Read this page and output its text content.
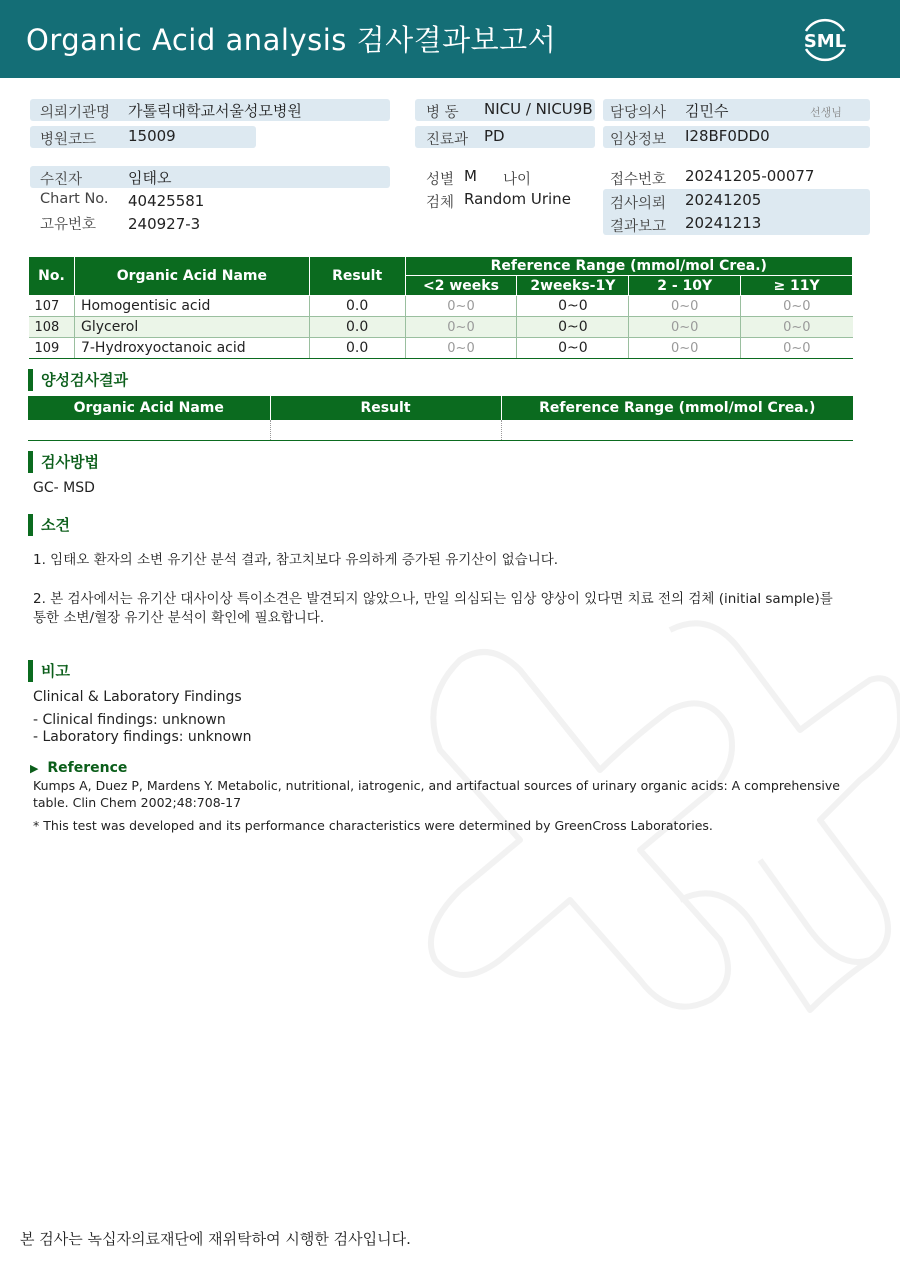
Organic Acid analysis 검사결과보고서	SML
의뢰기관명 가톨릭대학교서울성모병원
병원코드 15009
병 동 NICU / NICU9B
진료과 PD
담당의사 김민수	선생님
임상정보 I28BF0DD0
수진자	임태오
Chart No. 40425581
고유번호 240927-3
성별 M 나이
검체 Random Urine
접수번호 20241205-00077
검사의뢰 20241205
결과보고 20241213
No.	Organic Acid Name	Result	Reference Range (mmol/mol Crea.)			
			<2 weeks	2weeks-1Y	2 - 10Y	≥ 11Y
107	Homogentisic acid	0.0	0~0	0~0	0~0	0~0
108	Glycerol	0.0	0~0	0~0	0~0	0~0
109	7-Hydroxyoctanoic acid	0.0	0~0	0~0	0~0	0~0
양성검사결과
Organic Acid Name	Result	Reference Range (mmol/mol Crea.)

검사방법
GC- MSD
소견
1. 임태오 환자의 소변 유기산 분석 결과, 참고치보다 유의하게 증가된 유기산이 없습니다.
2. 본 검사에서는 유기산 대사이상 특이소견은 발견되지 않았으나, 만일 의심되는 임상 양상이 있다면 치료 전의 검체 (initial sample)를
통한 소변/혈장 유기산 분석이 확인에 필요합니다.
비고
Clinical & Laboratory Findings
- Clinical findings: unknown
- Laboratory findings: unknown
▶ Reference
Kumps A, Duez P, Mardens Y. Metabolic, nutritional, iatrogenic, and artifactual sources of urinary organic acids: A comprehensive
table. Clin Chem 2002;48:708-17
* This test was developed and its performance characteristics were determined by GreenCross Laboratories.
본 검사는 녹십자의료재단에 재위탁하여 시행한 검사입니다.
